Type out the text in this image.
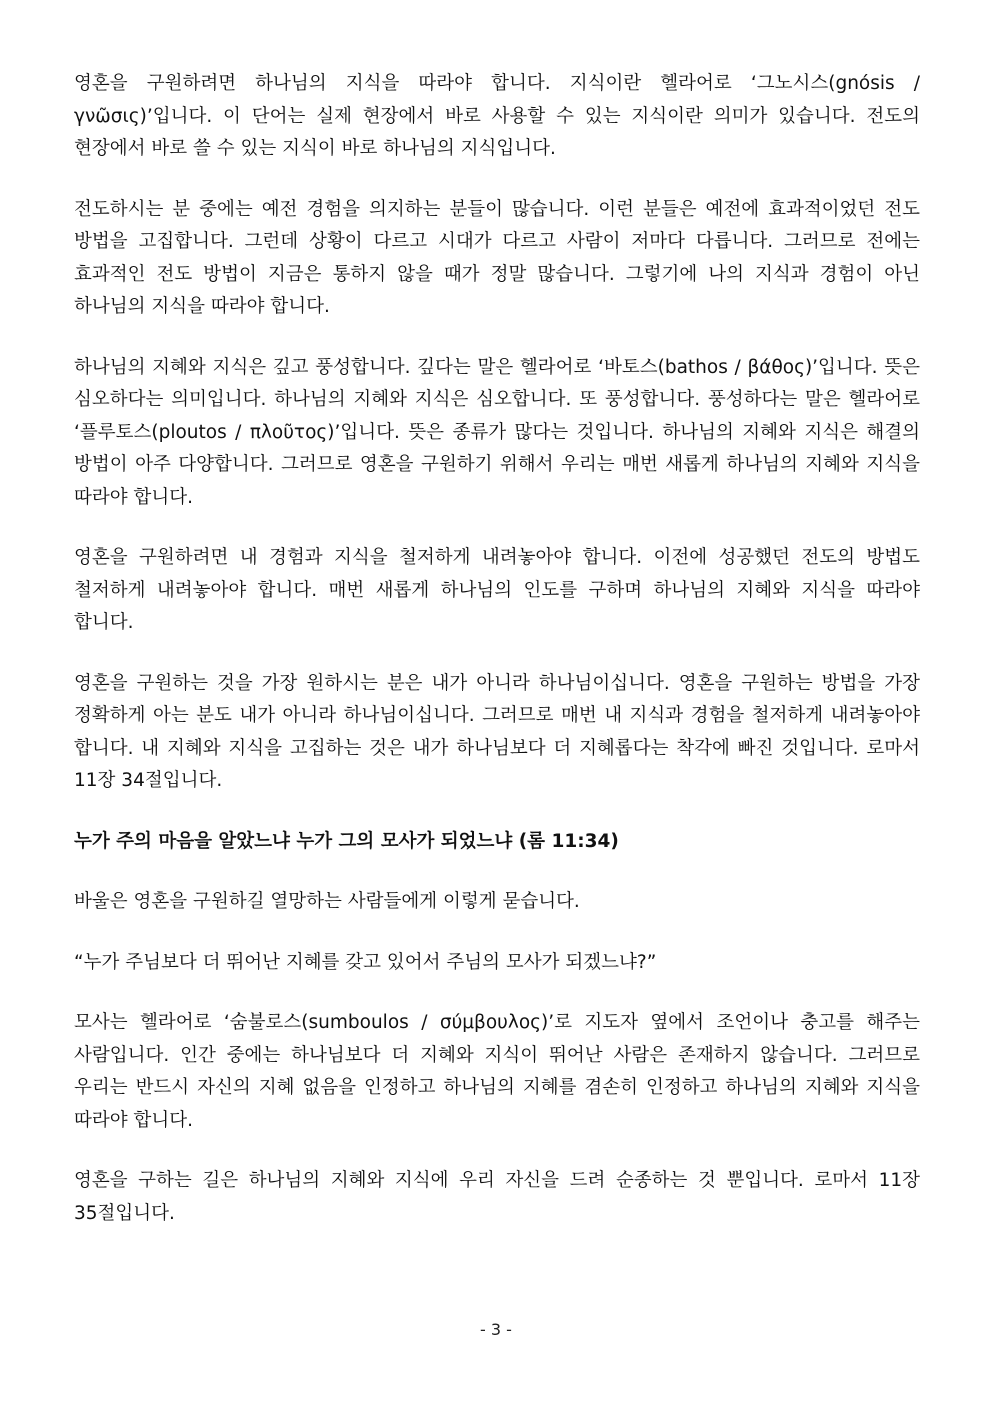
영혼을 구원하려면 하나님의 지식을 따라야 합니다. 지식이란 헬라어로 ‘그노시스(gnósis / γνῶσις)’입니다. 이 단어는 실제 현장에서 바로 사용할 수 있는 지식이란 의미가 있습니다. 전도의 현장에서 바로 쓸 수 있는 지식이 바로 하나님의 지식입니다.

전도하시는 분 중에는 예전 경험을 의지하는 분들이 많습니다. 이런 분들은 예전에 효과적이었던 전도 방법을 고집합니다. 그런데 상황이 다르고 시대가 다르고 사람이 저마다 다릅니다. 그러므로 전에는 효과적인 전도 방법이 지금은 통하지 않을 때가 정말 많습니다. 그렇기에 나의 지식과 경험이 아닌 하나님의 지식을 따라야 합니다.

하나님의 지혜와 지식은 깊고 풍성합니다. 깊다는 말은 헬라어로 ‘바토스(bathos / βάθος)’입니다. 뜻은 심오하다는 의미입니다. 하나님의 지혜와 지식은 심오합니다. 또 풍성합니다. 풍성하다는 말은 헬라어로 ‘플루토스(ploutos / πλοῦτος)’입니다. 뜻은 종류가 많다는 것입니다. 하나님의 지혜와 지식은 해결의 방법이 아주 다양합니다. 그러므로 영혼을 구원하기 위해서 우리는 매번 새롭게 하나님의 지혜와 지식을 따라야 합니다.

영혼을 구원하려면 내 경험과 지식을 철저하게 내려놓아야 합니다. 이전에 성공했던 전도의 방법도 철저하게 내려놓아야 합니다. 매번 새롭게 하나님의 인도를 구하며 하나님의 지혜와 지식을 따라야 합니다.

영혼을 구원하는 것을 가장 원하시는 분은 내가 아니라 하나님이십니다. 영혼을 구원하는 방법을 가장 정확하게 아는 분도 내가 아니라 하나님이십니다. 그러므로 매번 내 지식과 경험을 철저하게 내려놓아야 합니다. 내 지혜와 지식을 고집하는 것은 내가 하나님보다 더 지혜롭다는 착각에 빠진 것입니다. 로마서 11장 34절입니다.

누가 주의 마음을 알았느냐 누가 그의 모사가 되었느냐 (롬 11:34)

바울은 영혼을 구원하길 열망하는 사람들에게 이렇게 묻습니다.

“누가 주님보다 더 뛰어난 지혜를 갖고 있어서 주님의 모사가 되겠느냐?”

모사는 헬라어로 ‘숨불로스(sumboulos / σύμβουλος)’로 지도자 옆에서 조언이나 충고를 해주는 사람입니다. 인간 중에는 하나님보다 더 지혜와 지식이 뛰어난 사람은 존재하지 않습니다. 그러므로 우리는 반드시 자신의 지혜 없음을 인정하고 하나님의 지혜를 겸손히 인정하고 하나님의 지혜와 지식을 따라야 합니다.

영혼을 구하는 길은 하나님의 지혜와 지식에 우리 자신을 드려 순종하는 것 뿐입니다. 로마서 11장 35절입니다.

- 3 -
